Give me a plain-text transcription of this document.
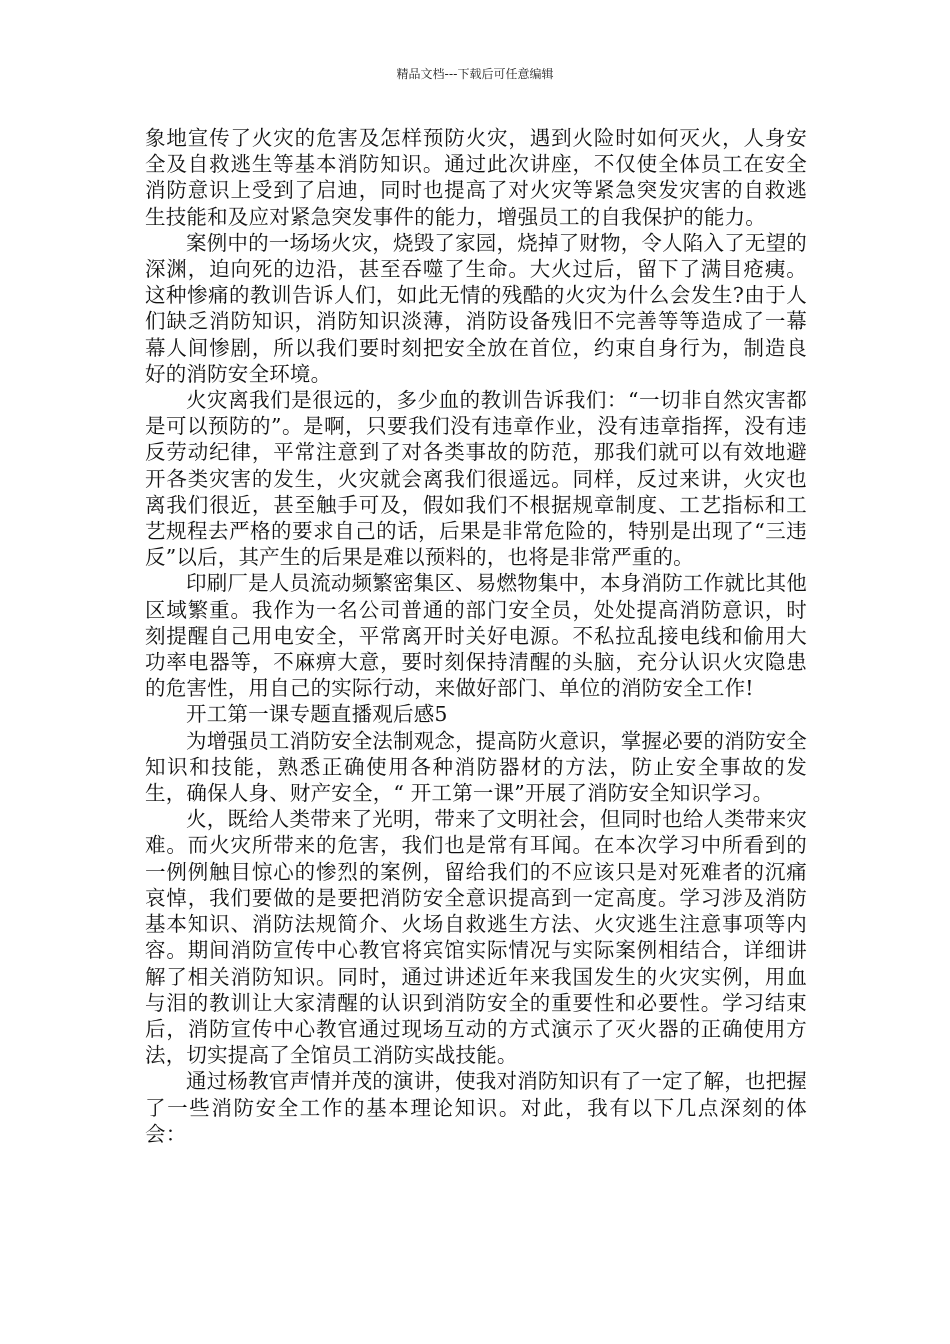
精品文档---下载后可任意编辑

象地宣传了火灾的危害及怎样预防火灾，遇到火险时如何灭火，人身安全及自救逃生等基本消防知识。通过此次讲座，不仅使全体员工在安全消防意识上受到了启迪，同时也提高了对火灾等紧急突发灾害的自救逃生技能和及应对紧急突发事件的能力，增强员工的自我保护的能力。

案例中的一场场火灾，烧毁了家园，烧掉了财物，令人陷入了无望的深渊，迫向死的边沿，甚至吞噬了生命。大火过后，留下了满目疮痍。这种惨痛的教训告诉人们，如此无情的残酷的火灾为什么会发生?由于人们缺乏消防知识，消防知识淡薄，消防设备残旧不完善等等造成了一幕幕人间惨剧，所以我们要时刻把安全放在首位，约束自身行为，制造良好的消防安全环境。

火灾离我们是很远的，多少血的教训告诉我们：“一切非自然灾害都是可以预防的”。是啊，只要我们没有违章作业，没有违章指挥，没有违反劳动纪律，平常注意到了对各类事故的防范，那我们就可以有效地避开各类灾害的发生，火灾就会离我们很遥远。同样，反过来讲，火灾也离我们很近，甚至触手可及，假如我们不根据规章制度、工艺指标和工艺规程去严格的要求自己的话，后果是非常危险的，特别是出现了“三违反”以后，其产生的后果是难以预料的，也将是非常严重的。

印刷厂是人员流动频繁密集区、易燃物集中，本身消防工作就比其他区域繁重。我作为一名公司普通的部门安全员，处处提高消防意识，时刻提醒自己用电安全，平常离开时关好电源。不私拉乱接电线和偷用大功率电器等，不麻痹大意，要时刻保持清醒的头脑，充分认识火灾隐患的危害性，用自己的实际行动，来做好部门、单位的消防安全工作!

开工第一课专题直播观后感5

为增强员工消防安全法制观念，提高防火意识，掌握必要的消防安全知识和技能，熟悉正确使用各种消防器材的方法，防止安全事故的发生，确保人身、财产安全，“ 开工第一课”开展了消防安全知识学习。

火，既给人类带来了光明，带来了文明社会，但同时也给人类带来灾难。而火灾所带来的危害，我们也是常有耳闻。在本次学习中所看到的一例例触目惊心的惨烈的案例，留给我们的不应该只是对死难者的沉痛哀悼，我们要做的是要把消防安全意识提高到一定高度。学习涉及消防基本知识、消防法规简介、火场自救逃生方法、火灾逃生注意事项等内容。期间消防宣传中心教官将宾馆实际情况与实际案例相结合，详细讲解了相关消防知识。同时，通过讲述近年来我国发生的火灾实例，用血与泪的教训让大家清醒的认识到消防安全的重要性和必要性。学习结束后，消防宣传中心教官通过现场互动的方式演示了灭火器的正确使用方法，切实提高了全馆员工消防实战技能。

通过杨教官声情并茂的演讲，使我对消防知识有了一定了解，也把握了一些消防安全工作的基本理论知识。对此，我有以下几点深刻的体会：
